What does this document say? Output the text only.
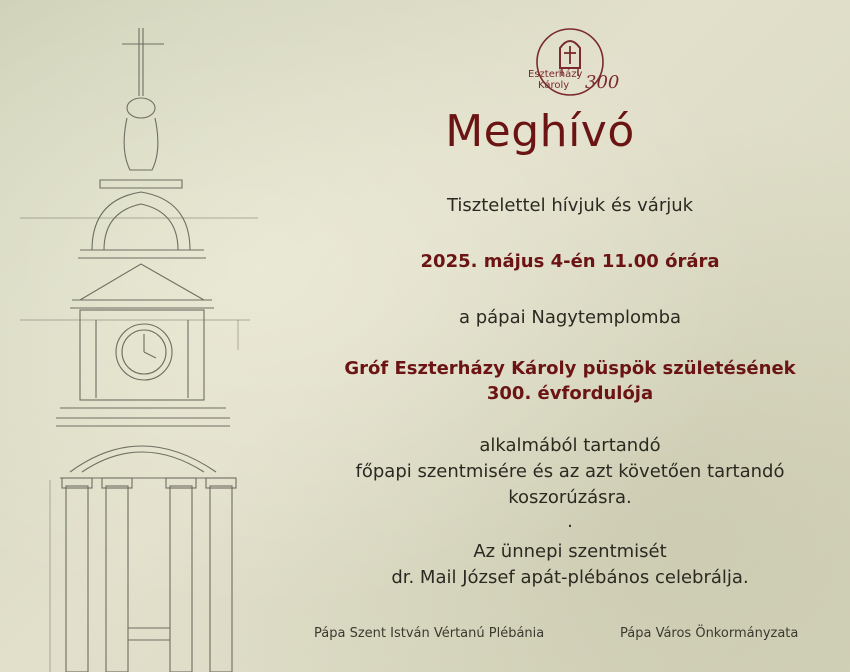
Eszterházy
Károly 300
Meghívó
Tisztelettel hívjuk és várjuk
2025. május 4-én 11.00 órára
a pápai Nagytemplomba
Gróf Eszterházy Károly püspök születésének
300. évfordulója
alkalmából tartandó
főpapi szentmisére és az azt követően tartandó
koszorúzásra.
.
Az ünnepi szentmisét
dr. Mail József apát-plébános celebrálja.
Pápa Szent István Vértanú Plébánia	Pápa Város Önkormányzata
